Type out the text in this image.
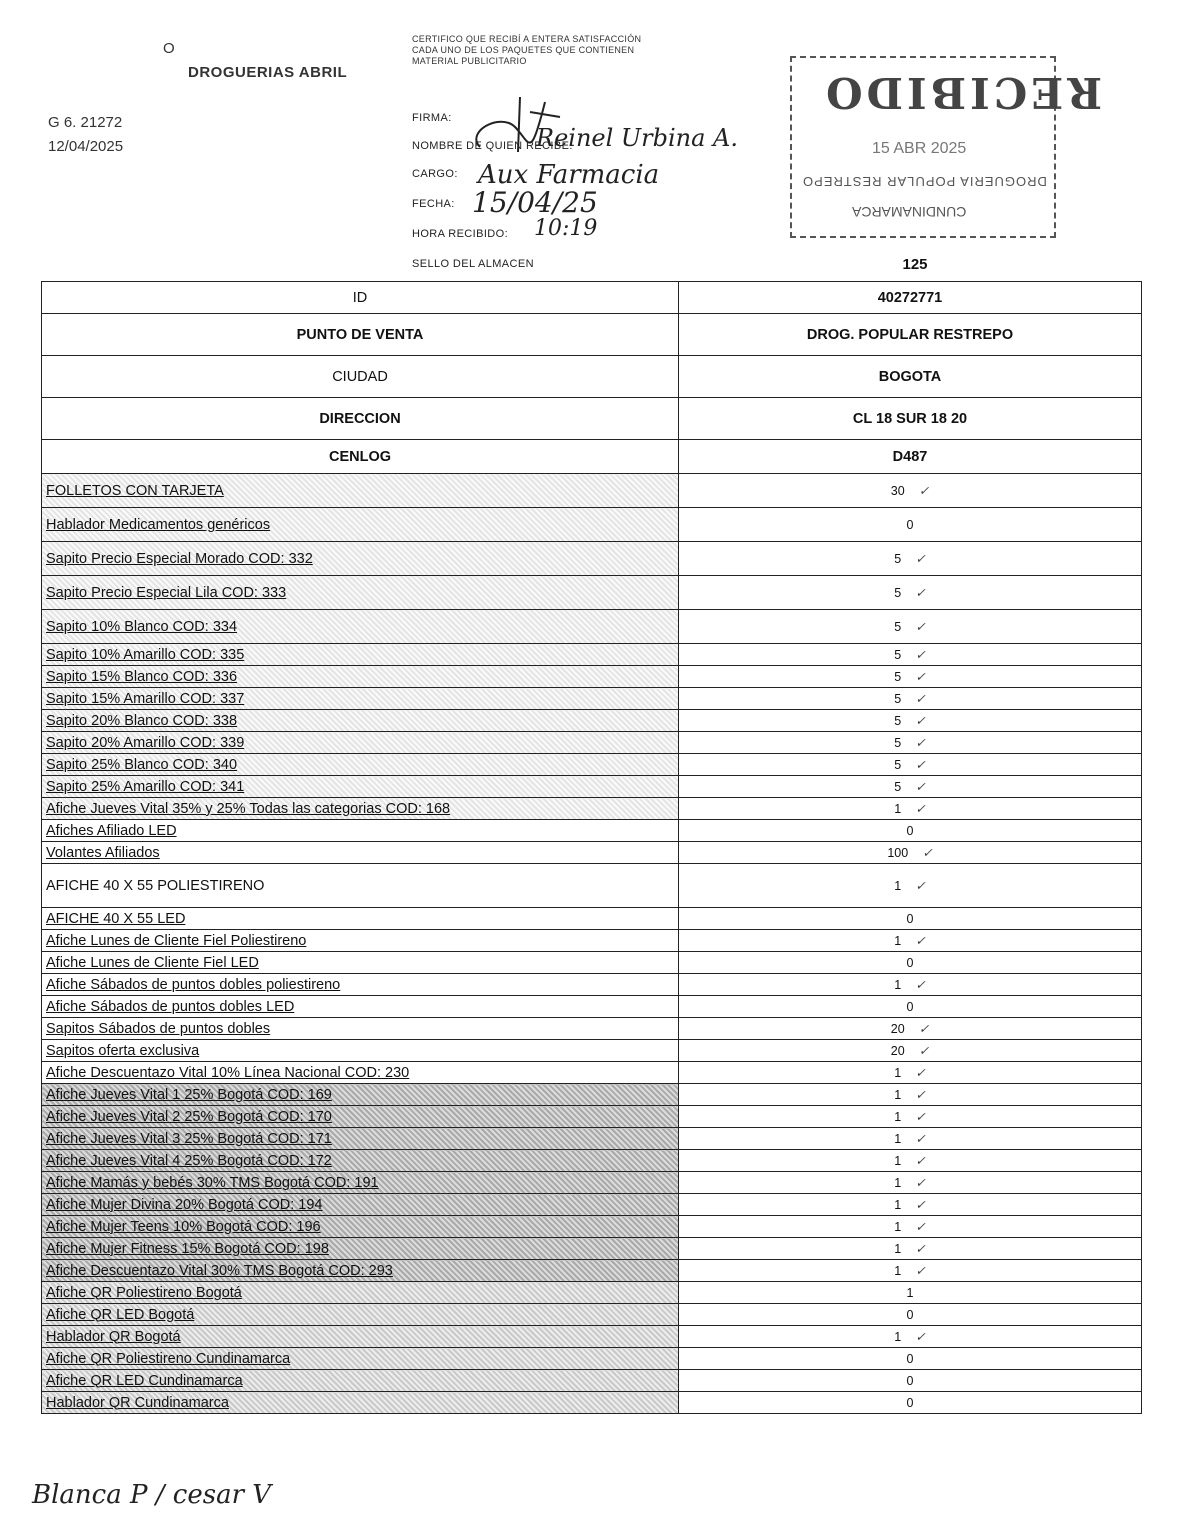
O
DROGUERIAS ABRIL
G 6. 21272
12/04/2025
CERTIFICO QUE RECIBÍ A ENTERA SATISFACCIÓN CADA UNO DE LOS PAQUETES QUE CONTIENEN MATERIAL PUBLICITARIO
FIRMA:
NOMBRE DE QUIEN RECIBE:
Reinel Urbina A.
CARGO: Aux Farmacia
FECHA: 15/04/25
HORA RECIBIDO: 10:19
RECIBIDO
15 ABR 2025
DROGUERIA POPULAR RESTREPO
CUNDINAMARCA
SELLO DEL ALMACEN	125
ID	40272771
PUNTO DE VENTA	DROG. POPULAR RESTREPO
CIUDAD	BOGOTA
DIRECCION	CL 18 SUR 18 20
CENLOG	D487
FOLLETOS CON TARJETA	30 ✓
Hablador Medicamentos genéricos	0
Sapito Precio Especial Morado COD: 332	5 ✓
Sapito Precio Especial Lila COD: 333	5 ✓
Sapito 10% Blanco COD: 334	5 ✓
Sapito 10% Amarillo COD: 335	5 ✓
Sapito 15% Blanco COD: 336	5 ✓
Sapito 15% Amarillo COD: 337	5 ✓
Sapito 20% Blanco COD: 338	5 ✓
Sapito 20% Amarillo COD: 339	5 ✓
Sapito 25% Blanco COD: 340	5 ✓
Sapito 25% Amarillo COD: 341	5 ✓
Afiche Jueves Vital 35% y 25% Todas las categorias COD: 168	1 ✓
Afiches Afiliado LED	0
Volantes Afiliados	100 ✓
AFICHE 40 X 55 POLIESTIRENO	1 ✓
AFICHE 40 X 55 LED	0
Afiche Lunes de Cliente Fiel Poliestireno	1 ✓
Afiche Lunes de Cliente Fiel LED	0
Afiche Sábados de puntos dobles poliestireno	1 ✓
Afiche Sábados de puntos dobles LED	0
Sapitos Sábados de puntos dobles	20 ✓
Sapitos oferta exclusiva	20 ✓
Afiche Descuentazo Vital 10% Línea Nacional COD: 230	1 ✓
Afiche Jueves Vital 1 25% Bogotá COD: 169	1 ✓
Afiche Jueves Vital 2 25% Bogotá COD: 170	1 ✓
Afiche Jueves Vital 3 25% Bogotá COD: 171	1 ✓
Afiche Jueves Vital 4 25% Bogotá COD: 172	1 ✓
Afiche Mamás y bebés 30% TMS Bogotá COD: 191	1 ✓
Afiche Mujer Divina 20% Bogotá COD: 194	1 ✓
Afiche Mujer Teens 10% Bogotá COD: 196	1 ✓
Afiche Mujer Fitness 15% Bogotá COD: 198	1 ✓
Afiche Descuentazo Vital 30% TMS Bogotá COD: 293	1 ✓
Afiche QR Poliestireno Bogotá	1
Afiche QR LED Bogotá	0
Hablador QR Bogotá	1 ✓
Afiche QR Poliestireno Cundinamarca	0
Afiche QR LED Cundinamarca	0
Hablador QR Cundinamarca	0
Blanca P / cesar V
